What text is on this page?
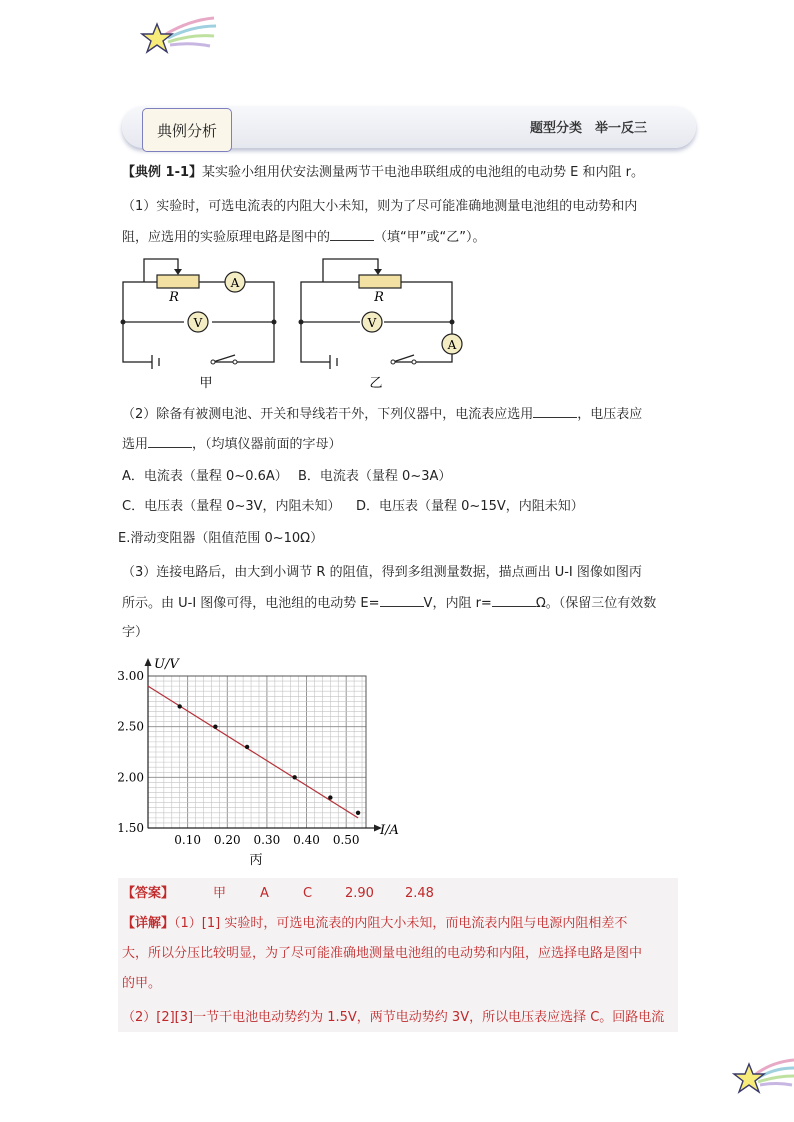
典例分析	题型分类　举一反三
【典例 1-1】某实验小组用伏安法测量两节干电池串联组成的电池组的电动势 E 和内阻 r。
（1）实验时，可选电流表的内阻大小未知，则为了尽可能准确地测量电池组的电动势和内
阻，应选用的实验原理电路是图中的	（填“甲”或“乙”）。
R
A
V
甲
R
V
A
乙
（2）除备有被测电池、开关和导线若干外，下列仪器中，电流表应选用	，电压表应
选用	，（均填仪器前面的字母）
A．电流表（量程 0~0.6A） B．电流表（量程 0~3A）
C．电压表（量程 0~3V，内阻未知） D．电压表（量程 0~15V，内阻未知）
E.滑动变阻器（阻值范围 0~10Ω）
（3）连接电路后，由大到小调节 R 的阻值，得到多组测量数据，描点画出 U-I 图像如图丙
所示。由 U-I 图像可得，电池组的电动势 E=	V，内阻 r=	Ω。（保留三位有效数
字）
0.10 0.20 0.30 0.40 0.50
3.00
2.50
2.00
1.50
U/V
I/A
丙
【答案】	甲	A	C	2.90 2.48
【详解】（1）[1] 实验时，可选电流表的内阻大小未知，而电流表内阻与电源内阻相差不
大，所以分压比较明显，为了尽可能准确地测量电池组的电动势和内阻，应选择电路是图中
的甲。
（2）[2][3]一节干电池电动势约为 1.5V，两节电动势约 3V，所以电压表应选择 C。回路电流
